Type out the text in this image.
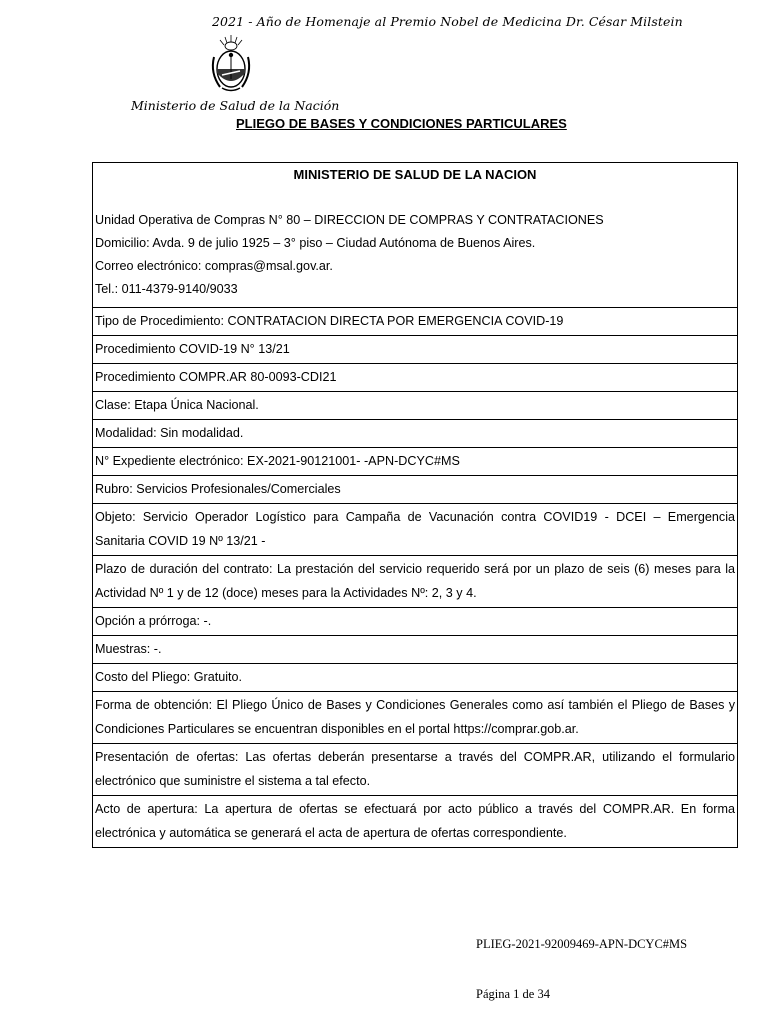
2021 - Año de Homenaje al Premio Nobel de Medicina Dr. César Milstein
Ministerio de Salud de la Nación
PLIEGO DE BASES Y CONDICIONES PARTICULARES
MINISTERIO DE SALUD DE LA NACION
Unidad Operativa de Compras N° 80 – DIRECCION DE COMPRAS Y CONTRATACIONES
Domicilio: Avda. 9 de julio 1925 – 3° piso – Ciudad Autónoma de Buenos Aires.
Correo electrónico: compras@msal.gov.ar.
Tel.: 011-4379-9140/9033

Tipo de Procedimiento: CONTRATACION DIRECTA POR EMERGENCIA COVID-19
Procedimiento COVID-19 N° 13/21
Procedimiento COMPR.AR 80-0093-CDI21
Clase: Etapa Única Nacional.
Modalidad: Sin modalidad.
N° Expediente electrónico: EX-2021-90121001- -APN-DCYC#MS
Rubro: Servicios Profesionales/Comerciales
Objeto: Servicio Operador Logístico para Campaña de Vacunación contra COVID19 - DCEI – Emergencia Sanitaria COVID 19 Nº 13/21 -
Plazo de duración del contrato: La prestación del servicio requerido será por un plazo de seis (6) meses para la Actividad Nº 1 y de 12 (doce) meses para la Actividades Nº: 2, 3 y 4.
Opción a prórroga: -.
Muestras: -.
Costo del Pliego: Gratuito.
Forma de obtención: El Pliego Único de Bases y Condiciones Generales como así también el Pliego de Bases y Condiciones Particulares se encuentran disponibles en el portal https://comprar.gob.ar.
Presentación de ofertas: Las ofertas deberán presentarse a través del COMPR.AR, utilizando el formulario electrónico que suministre el sistema a tal efecto.
Acto de apertura: La apertura de ofertas se efectuará por acto público a través del COMPR.AR. En forma electrónica y automática se generará el acta de apertura de ofertas correspondiente.
PLIEG-2021-92009469-APN-DCYC#MS
Página 1 de 34
